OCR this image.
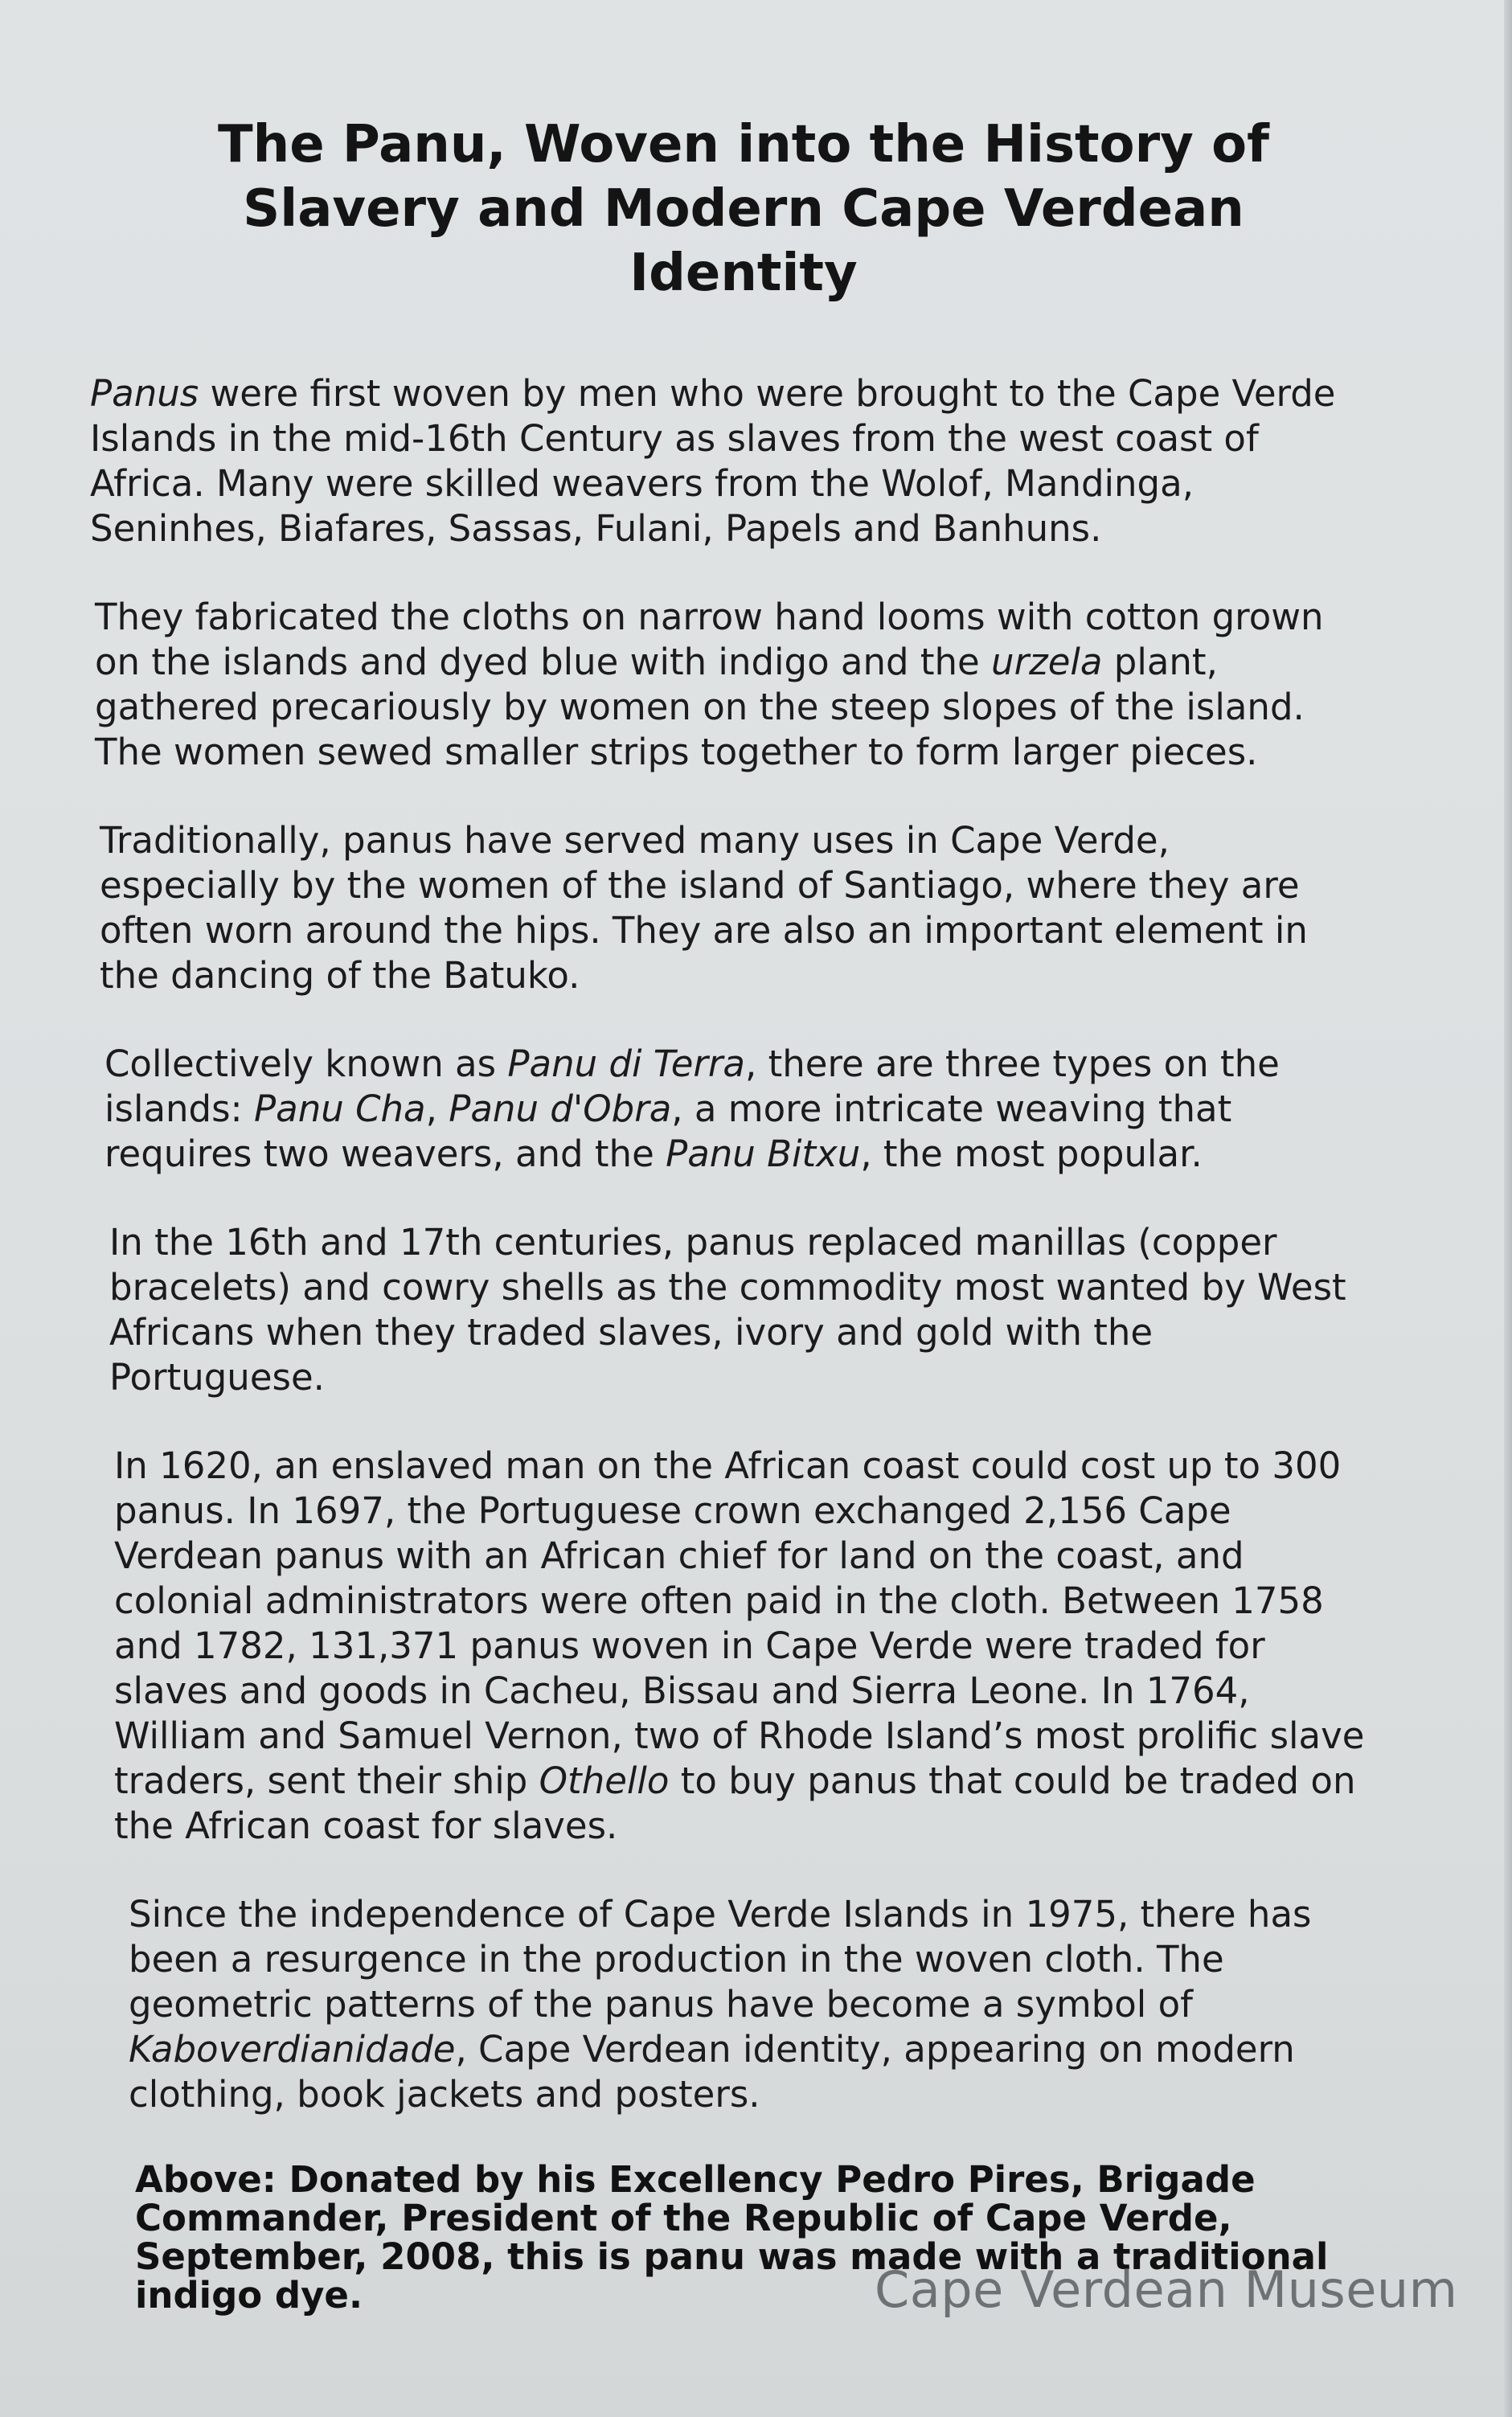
The Panu, Woven into the History of
Slavery and Modern Cape Verdean
Identity

Panus were first woven by men who were brought to the Cape Verde
Islands in the mid-16th Century as slaves from the west coast of
Africa. Many were skilled weavers from the Wolof, Mandinga,
Seninhes, Biafares, Sassas, Fulani, Papels and Banhuns.

They fabricated the cloths on narrow hand looms with cotton grown
on the islands and dyed blue with indigo and the urzela plant,
gathered precariously by women on the steep slopes of the island.
The women sewed smaller strips together to form larger pieces.

Traditionally, panus have served many uses in Cape Verde,
especially by the women of the island of Santiago, where they are
often worn around the hips. They are also an important element in
the dancing of the Batuko.

Collectively known as Panu di Terra, there are three types on the
islands: Panu Cha, Panu d'Obra, a more intricate weaving that
requires two weavers, and the Panu Bitxu, the most popular.

In the 16th and 17th centuries, panus replaced manillas (copper
bracelets) and cowry shells as the commodity most wanted by West
Africans when they traded slaves, ivory and gold with the
Portuguese.

In 1620, an enslaved man on the African coast could cost up to 300
panus. In 1697, the Portuguese crown exchanged 2,156 Cape
Verdean panus with an African chief for land on the coast, and
colonial administrators were often paid in the cloth. Between 1758
and 1782, 131,371 panus woven in Cape Verde were traded for
slaves and goods in Cacheu, Bissau and Sierra Leone. In 1764,
William and Samuel Vernon, two of Rhode Island’s most prolific slave
traders, sent their ship Othello to buy panus that could be traded on
the African coast for slaves.

Since the independence of Cape Verde Islands in 1975, there has
been a resurgence in the production in the woven cloth. The
geometric patterns of the panus have become a symbol of
Kaboverdianidade, Cape Verdean identity, appearing on modern
clothing, book jackets and posters.

Above: Donated by his Excellency Pedro Pires, Brigade
Commander, President of the Republic of Cape Verde,
September, 2008, this is panu was made with a traditional
indigo dye.	Cape Verdean Museum
